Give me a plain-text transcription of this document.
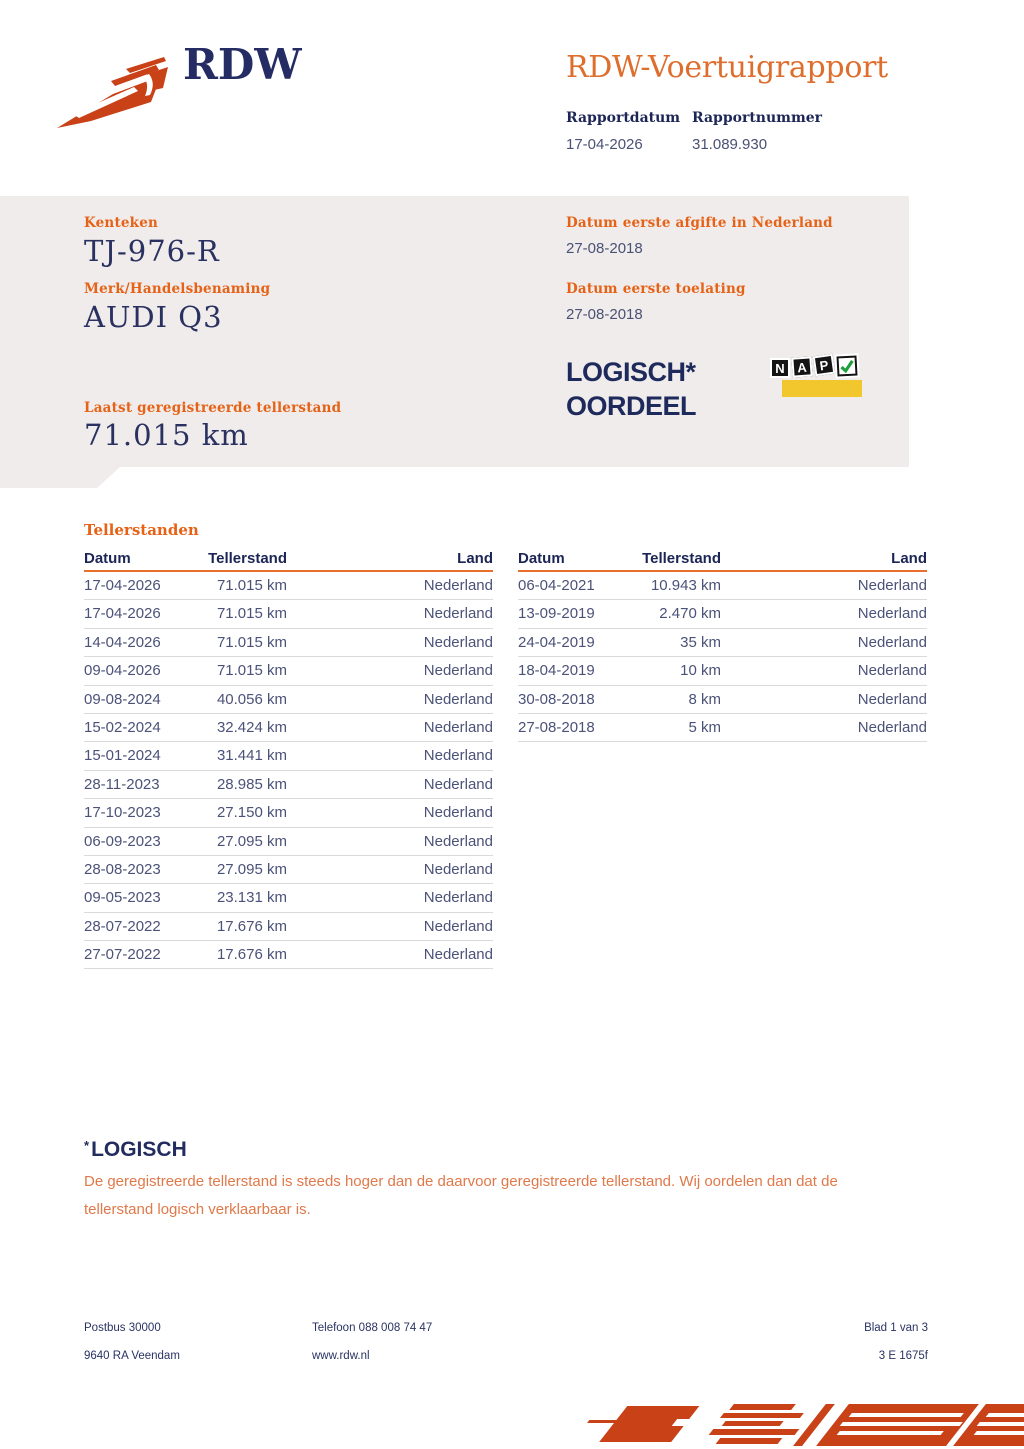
RDW	RDW-Voertuigrapport
Rapportdatum Rapportnummer
17-04-2026	31.089.930
Kenteken
TJ-976-R
Merk/Handelsbenaming
AUDI Q3
Laatst geregistreerde tellerstand
71.015 km
Datum eerste afgifte in Nederland
27-08-2018
Datum eerste toelating
27-08-2018
LOGISCH*
OORDEEL
N A P
Tellerstanden
Datum	Tellerstand	Land
17-04-2026	71.015 km	Nederland
17-04-2026	71.015 km	Nederland
14-04-2026	71.015 km	Nederland
09-04-2026	71.015 km	Nederland
09-08-2024	40.056 km	Nederland
15-02-2024	32.424 km	Nederland
15-01-2024	31.441 km	Nederland
28-11-2023	28.985 km	Nederland
17-10-2023	27.150 km	Nederland
06-09-2023	27.095 km	Nederland
28-08-2023	27.095 km	Nederland
09-05-2023	23.131 km	Nederland
28-07-2022	17.676 km	Nederland
27-07-2022	17.676 km	Nederland
Datum	Tellerstand	Land
06-04-2021	10.943 km	Nederland
13-09-2019	2.470 km	Nederland
24-04-2019	35 km	Nederland
18-04-2019	10 km	Nederland
30-08-2018	8 km	Nederland
27-08-2018	5 km	Nederland
*LOGISCH
De geregistreerde tellerstand is steeds hoger dan de daarvoor geregistreerde tellerstand. Wij oordelen dan dat de tellerstand logisch verklaarbaar is.
Postbus 30000
9640 RA Veendam
Telefoon 088 008 74 47
www.rdw.nl
Blad 1 van 3
3 E 1675f
